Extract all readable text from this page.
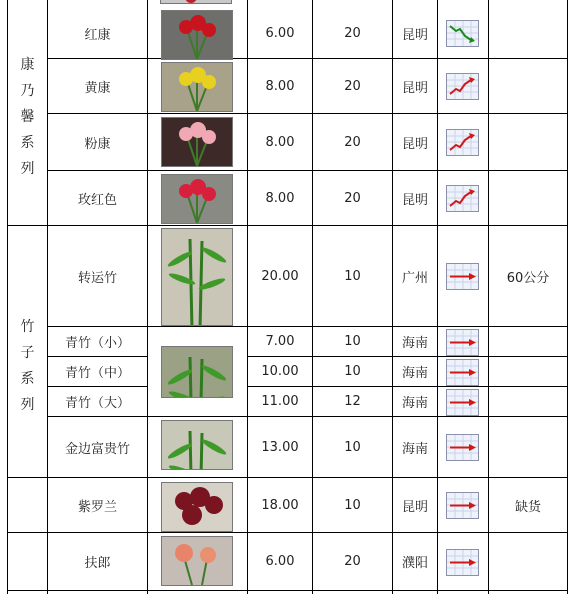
康
乃
馨
系
列
竹
子
系
列
红康	6.00	20	昆明
黄康	8.00	20	昆明
粉康	8.00	20	昆明
玫红色	8.00	20	昆明
转运竹	20.00	10	广州	60公分
青竹（小）	7.00	10	海南
青竹（中）	10.00	10	海南
青竹（大）	11.00	12	海南
金边富贵竹	13.00	10	海南
紫罗兰	18.00	10	昆明	缺货
扶郎	6.00	20	濮阳
